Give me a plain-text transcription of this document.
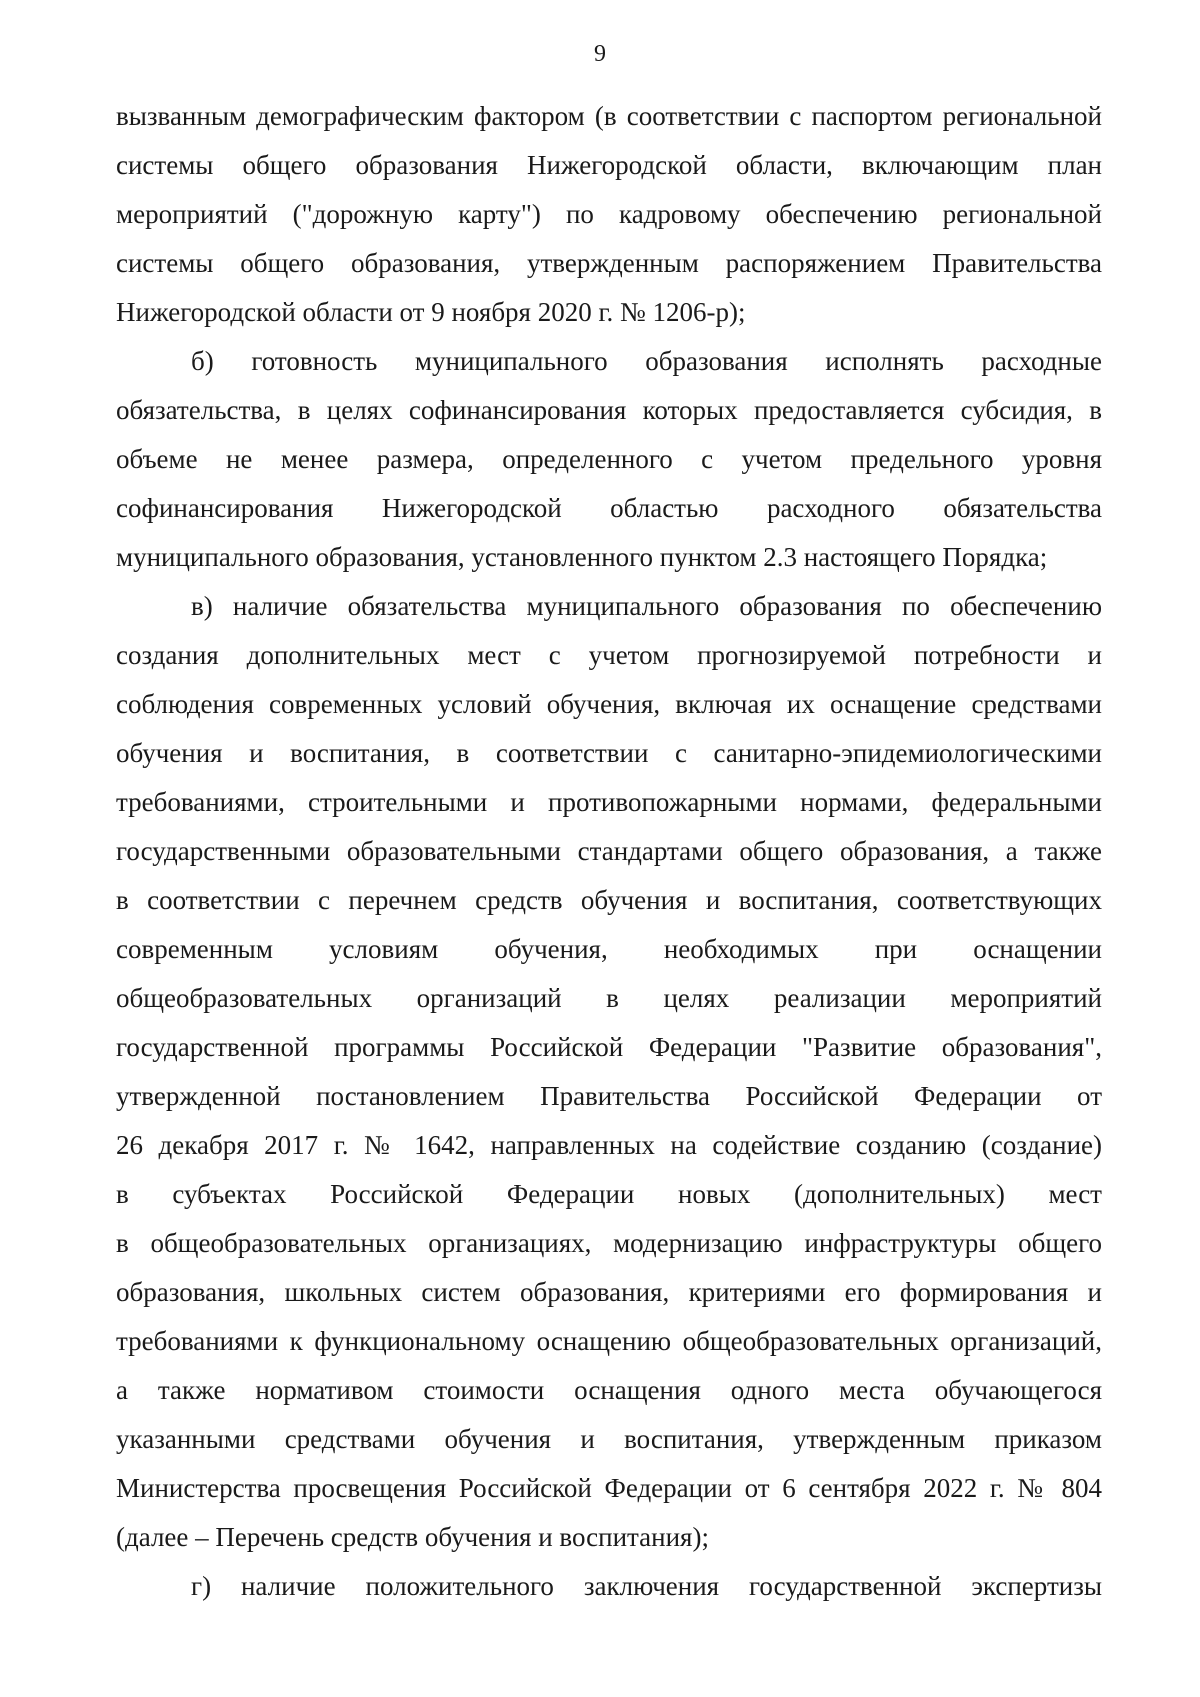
9

вызванным демографическим фактором (в соответствии с паспортом региональной
системы общего образования Нижегородской области, включающим план
мероприятий ("дорожную карту") по кадровому обеспечению региональной
системы общего образования, утвержденным распоряжением Правительства
Нижегородской области от 9 ноября 2020 г. № 1206-р);

б) готовность муниципального образования исполнять расходные
обязательства, в целях софинансирования которых предоставляется субсидия, в
объеме не менее размера, определенного с учетом предельного уровня
софинансирования Нижегородской областью расходного обязательства
муниципального образования, установленного пунктом 2.3 настоящего Порядка;

в) наличие обязательства муниципального образования по обеспечению
создания дополнительных мест с учетом прогнозируемой потребности и
соблюдения современных условий обучения, включая их оснащение средствами
обучения и воспитания, в соответствии с санитарно-эпидемиологическими
требованиями, строительными и противопожарными нормами, федеральными
государственными образовательными стандартами общего образования, а также
в соответствии с перечнем средств обучения и воспитания, соответствующих
современным условиям обучения, необходимых при оснащении
общеобразовательных организаций в целях реализации мероприятий
государственной программы Российской Федерации "Развитие образования",
утвержденной постановлением Правительства Российской Федерации от
26 декабря 2017 г. № 1642, направленных на содействие созданию (создание)
в субъектах Российской Федерации новых (дополнительных) мест
в общеобразовательных организациях, модернизацию инфраструктуры общего
образования, школьных систем образования, критериями его формирования и
требованиями к функциональному оснащению общеобразовательных организаций,
а также нормативом стоимости оснащения одного места обучающегося
указанными средствами обучения и воспитания, утвержденным приказом
Министерства просвещения Российской Федерации от 6 сентября 2022 г. № 804
(далее – Перечень средств обучения и воспитания);

г) наличие положительного заключения государственной экспертизы
